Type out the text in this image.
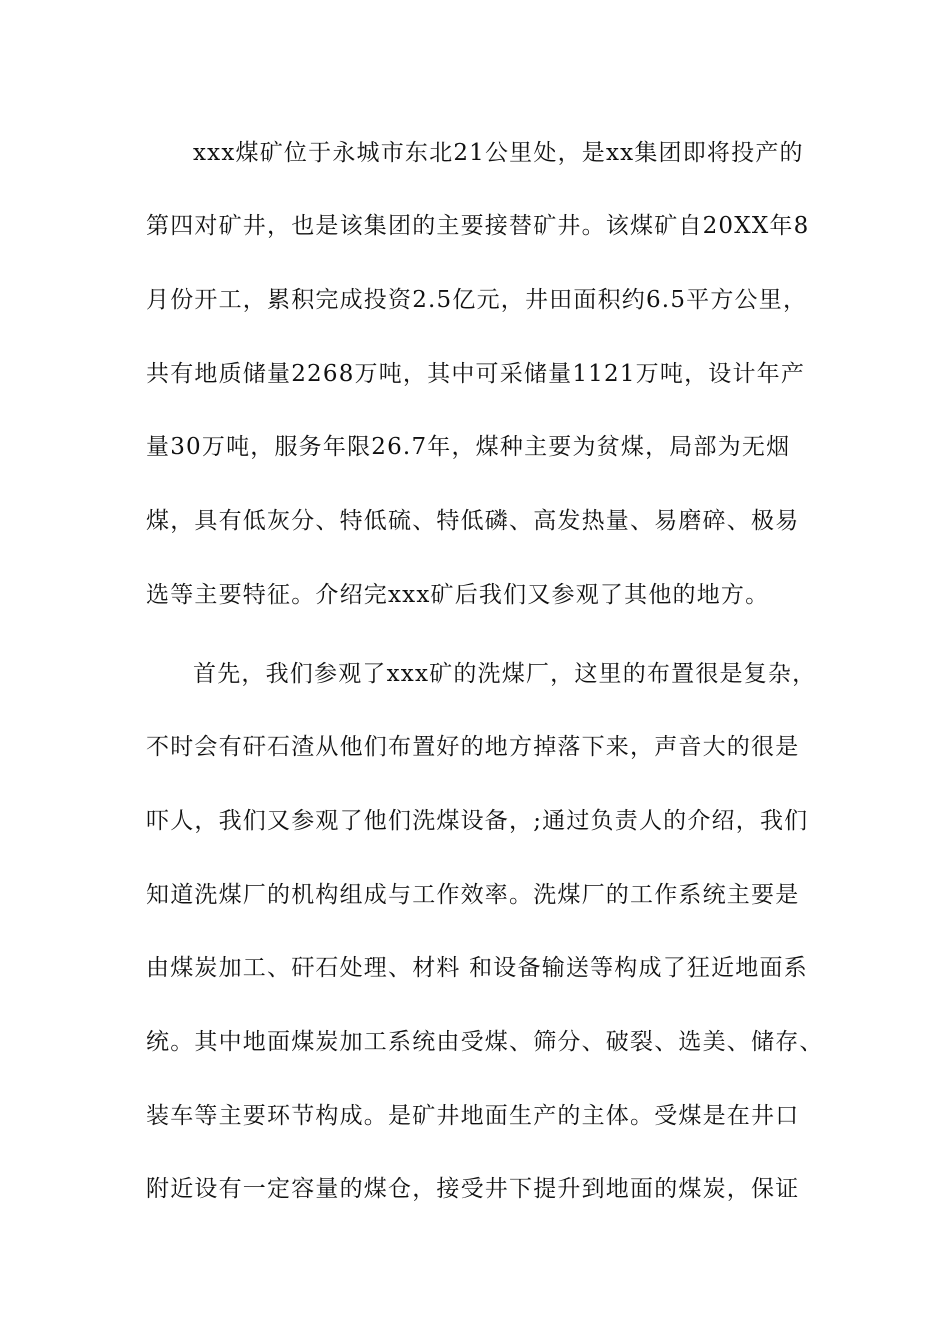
xxx煤矿位于永城市东北21公里处，是xx集团即将投产的
第四对矿井，也是该集团的主要接替矿井。该煤矿自20XX年8
月份开工，累积完成投资2.5亿元，井田面积约6.5平方公里，
共有地质储量2268万吨，其中可采储量1121万吨，设计年产
量30万吨，服务年限26.7年，煤种主要为贫煤，局部为无烟
煤，具有低灰分、特低硫、特低磷、高发热量、易磨碎、极易
选等主要特征。介绍完xxx矿后我们又参观了其他的地方。
首先，我们参观了xxx矿的洗煤厂，这里的布置很是复杂，
不时会有矸石渣从他们布置好的地方掉落下来，声音大的很是
吓人，我们又参观了他们洗煤设备，;通过负责人的介绍，我们
知道洗煤厂的机构组成与工作效率。洗煤厂的工作系统主要是
由煤炭加工、矸石处理、材料 和设备输送等构成了狂近地面系
统。其中地面煤炭加工系统由受煤、筛分、破裂、选美、储存、
装车等主要环节构成。是矿井地面生产的主体。受煤是在井口
附近设有一定容量的煤仓，接受井下提升到地面的煤炭，保证
